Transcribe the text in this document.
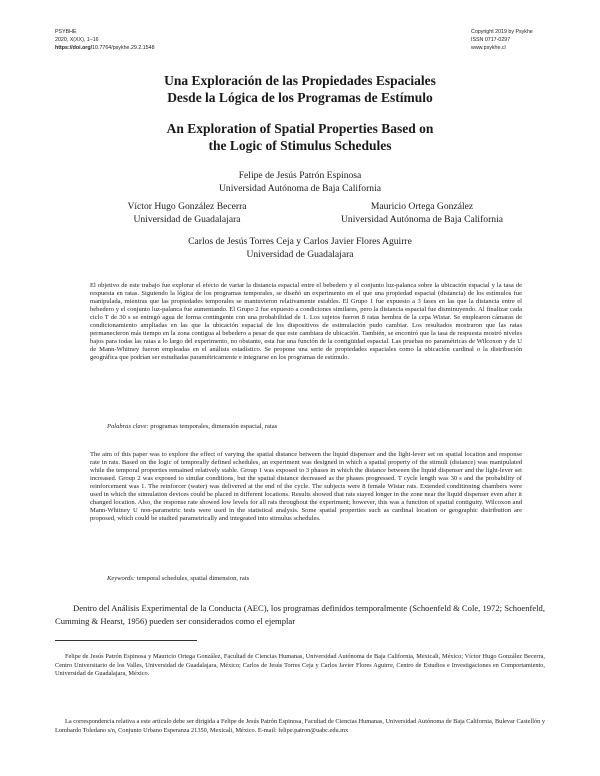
PSYBHE
2020, X(XX), 1–16
https://doi.org/10.7764/psykhe.29.2.1548
Copyright 2019 by Psykhe
ISSN 0717-0297
www.psykhe.cl
Una Exploración de las Propiedades Espaciales
Desde la Lógica de los Programas de Estímulo
An Exploration of Spatial Properties Based on
the Logic of Stimulus Schedules
Felipe de Jesús Patrón Espinosa
Universidad Autónoma de Baja California
Víctor Hugo González Becerra
Universidad de Guadalajara
Mauricio Ortega González
Universidad Autónoma de Baja California
Carlos de Jesús Torres Ceja y Carlos Javier Flores Aguirre
Universidad de Guadalajara
El objetivo de este trabajo fue explorar el efecto de variar la distancia espacial entre el bebedero y el conjunto luz-palanca sobre la ubicación espacial y la tasa de respuesta en ratas. Siguiendo la lógica de los programas temporales, se diseñó un experimento en el que una propiedad espacial (distancia) de los estímulos fue manipulada, mientras que las propiedades temporales se mantuvieron relativamente estables. El Grupo 1 fue expuesto a 3 fases en las que la distancia entre el bebedero y el conjunto luz-palanca fue aumentando. El Grupo 2 fue expuesto a condiciones similares, pero la distancia espacial fue disminuyendo. Al finalizar cada ciclo T de 30 s se entregó agua de forma contingente con una probabilidad de 1. Los sujetos fueron 8 ratas hembra de la cepa Wistar. Se emplearon cámaras de condicionamiento ampliadas en las que la ubicación espacial de los dispositivos de estimulación pudo cambiar. Los resultados mostraron que las ratas permanecieron más tiempo en la zona contigua al bebedero a pesar de que este cambiara de ubicación. También, se encontró que la tasa de respuesta mostró niveles bajos para todas las ratas a lo largo del experimento, no obstante, esta fue una función de la contigüidad espacial. Las pruebas no paramétricas de Wilcoxon y de U de Mann-Whitney fueron empleadas en el análisis estadístico. Se propone una serie de propiedades espaciales como la ubicación cardinal o la distribución geográfica que podrían ser estudiadas paramétricamente e integrarse en los programas de estímulo.
Palabras clave: programas temporales, dimensión espacial, ratas
The aim of this paper was to explore the effect of varying the spatial distance between the liquid dispenser and the light-lever set on spatial location and response rate in rats. Based on the logic of temporally defined schedules, an experiment was designed in which a spatial property of the stimuli (distance) was manipulated while the temporal properties remained relatively stable. Group 1 was exposed to 3 phases in which the distance between the liquid dispenser and the light-lever set increased. Group 2 was exposed to similar conditions, but the spatial distance decreased as the phases progressed. T cycle length was 30 s and the probability of reinforcement was 1. The reinforcer (water) was delivered at the end of the cycle. The subjects were 8 female Wistar rats. Extended conditioning chambers were used in which the stimulation devices could be placed in different locations. Results showed that rats stayed longer in the zone near the liquid dispenser even after it changed location. Also, the response rate showed low levels for all rats throughout the experiment; however, this was a function of spatial contiguity. Wilcoxon and Mann-Whitney U non-parametric tests were used in the statistical analysis. Some spatial properties such as cardinal location or geographic distribution are proposed, which could be studied parametrically and integrated into stimulus schedules.
Keywords: temporal schedules, spatial dimension, rats
Dentro del Análisis Experimental de la Conducta (AEC), los programas definidos temporalmente (Schoenfeld & Cole, 1972; Schoenfeld, Cumming & Hearst, 1956) pueden ser considerados como el ejemplar
Felipe de Jesús Patrón Espinosa y Mauricio Ortega González, Facultad de Ciencias Humanas, Universidad Autónoma de Baja California, Mexicali, México; Víctor Hugo González Becerra, Centro Universitario de los Valles, Universidad de Guadalajara, México; Carlos de Jesús Torres Ceja y Carlos Javier Flores Aguirre, Centro de Estudios e Investigaciones en Comportamiento, Universidad de Guadalajara, México.
La correspondencia relativa a este artículo debe ser dirigida a Felipe de Jesús Patrón Espinosa, Facultad de Ciencias Humanas, Universidad Autónoma de Baja California, Bulevar Castellón y Lombardo Toledano s/n, Conjunto Urbano Esperanza 21350, Mexicali, México. E-mail: felipe.patron@uabc.edu.mx
